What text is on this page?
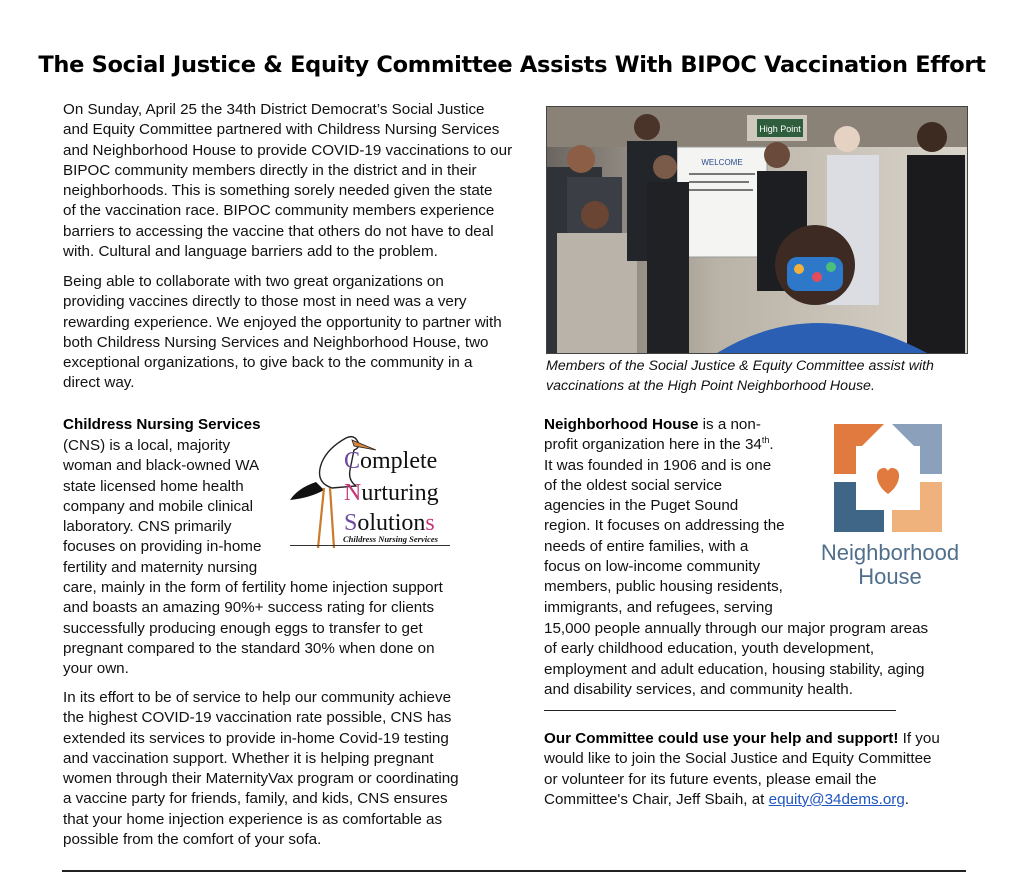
The Social Justice & Equity Committee Assists With BIPOC Vaccination Effort
On Sunday, April 25 the 34th District Democrat’s Social Justice
and Equity Committee partnered with Childress Nursing Services
and Neighborhood House to provide COVID-19 vaccinations to our
BIPOC community members directly in the district and in their
neighborhoods. This is something sorely needed given the state
of the vaccination race. BIPOC community members experience
barriers to accessing the vaccine that others do not have to deal
with. Cultural and language barriers add to the problem.
Being able to collaborate with two great organizations on
providing vaccines directly to those most in need was a very
rewarding experience. We enjoyed the opportunity to partner with
both Childress Nursing Services and Neighborhood House, two
exceptional organizations, to give back to the community in a
direct way.
High Point
WELCOME
Members of the Social Justice & Equity Committee assist with
vaccinations at the High Point Neighborhood House.
Childress Nursing Services
(CNS) is a local, majority
woman and black-owned WA
state licensed home health
company and mobile clinical
laboratory. CNS primarily
focuses on providing in-home
fertility and maternity nursing
care, mainly in the form of fertility home injection support
and boasts an amazing 90%+ success rating for clients
successfully producing enough eggs to transfer to get
pregnant compared to the standard 30% when done on
your own.
In its effort to be of service to help our community achieve
the highest COVID-19 vaccination rate possible, CNS has
extended its services to provide in-home Covid-19 testing
and vaccination support. Whether it is helping pregnant
women through their MaternityVax program or coordinating
a vaccine party for friends, family, and kids, CNS ensures
that your home injection experience is as comfortable as
possible from the comfort of your sofa.
Complete
Nurturing
Solutions
Childress Nursing Services
Neighborhood House is a non-
profit organization here in the 34th.
It was founded in 1906 and is one
of the oldest social service
agencies in the Puget Sound
region. It focuses on addressing the
needs of entire families, with a
focus on low-income community
members, public housing residents,
immigrants, and refugees, serving
15,000 people annually through our major program areas
of early childhood education, youth development,
employment and adult education, housing stability, aging
and disability services, and community health.
Neighborhood
House
Our Committee could use your help and support! If you
would like to join the Social Justice and Equity Committee
or volunteer for its future events, please email the
Committee's Chair, Jeff Sbaih, at equity@34dems.org.
